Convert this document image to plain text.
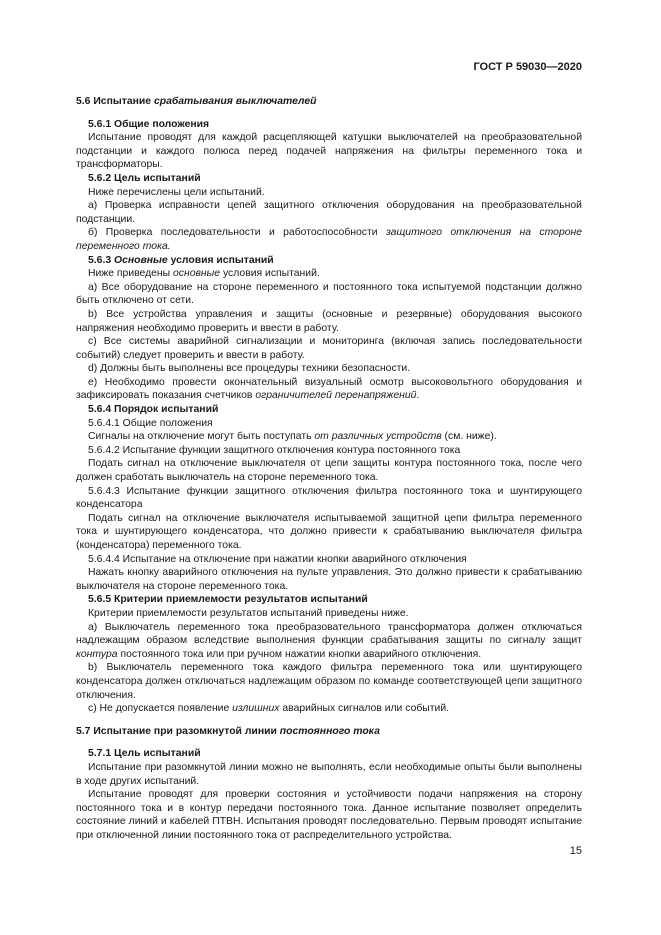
ГОСТ Р 59030—2020
5.6 Испытание срабатывания выключателей
5.6.1 Общие положения

Испытание проводят для каждой расцепляющей катушки выключателей на преобразовательной подстанции и каждого полюса перед подачей напряжения на фильтры переменного тока и трансформаторы.

5.6.2 Цель испытаний

Ниже перечислены цели испытаний.

а) Проверка исправности цепей защитного отключения оборудования на преобразовательной подстанции.

б) Проверка последовательности и работоспособности защитного отключения на стороне переменного тока.

5.6.3 Основные условия испытаний

Ниже приведены основные условия испытаний.

а) Все оборудование на стороне переменного и постоянного тока испытуемой подстанции должно быть отключено от сети.

b) Все устройства управления и защиты (основные и резервные) оборудования высокого напряжения необходимо проверить и ввести в работу.

c) Все системы аварийной сигнализации и мониторинга (включая запись последовательности событий) следует проверить и ввести в работу.

d) Должны быть выполнены все процедуры техники безопасности.

e) Необходимо провести окончательный визуальный осмотр высоковольтного оборудования и зафиксировать показания счетчиков ограничителей перенапряжений.

5.6.4 Порядок испытаний

5.6.4.1 Общие положения

Сигналы на отключение могут быть поступать от различных устройств (см. ниже).

5.6.4.2 Испытание функции защитного отключения контура постоянного тока

Подать сигнал на отключение выключателя от цепи защиты контура постоянного тока, после чего должен сработать выключатель на стороне переменного тока.

5.6.4.3 Испытание функции защитного отключения фильтра постоянного тока и шунтирующего конденсатора

Подать сигнал на отключение выключателя испытываемой защитной цепи фильтра переменного тока и шунтирующего конденсатора, что должно привести к срабатыванию выключателя фильтра (конденсатора) переменного тока.

5.6.4.4 Испытание на отключение при нажатии кнопки аварийного отключения

Нажать кнопку аварийного отключения на пульте управления. Это должно привести к срабатыванию выключателя на стороне переменного тока.

5.6.5 Критерии приемлемости результатов испытаний

Критерии приемлемости результатов испытаний приведены ниже.

а) Выключатель переменного тока преобразовательного трансформатора должен отключаться надлежащим образом вследствие выполнения функции срабатывания защиты по сигналу защит контура постоянного тока или при ручном нажатии кнопки аварийного отключения.

b) Выключатель переменного тока каждого фильтра переменного тока или шунтирующего конденсатора должен отключаться надлежащим образом по команде соответствующей цепи защитного отключения.

c) Не допускается появление излишних аварийных сигналов или событий.

5.7 Испытание при разомкнутой линии постоянного тока
5.7.1 Цель испытаний

Испытание при разомкнутой линии можно не выполнять, если необходимые опыты были выполнены в ходе других испытаний.

Испытание проводят для проверки состояния и устойчивости подачи напряжения на сторону постоянного тока и в контур передачи постоянного тока. Данное испытание позволяет определить состояние линий и кабелей ПТВН. Испытания проводят последовательно. Первым проводят испытание при отключенной линии постоянного тока от распределительного устройства.

15
